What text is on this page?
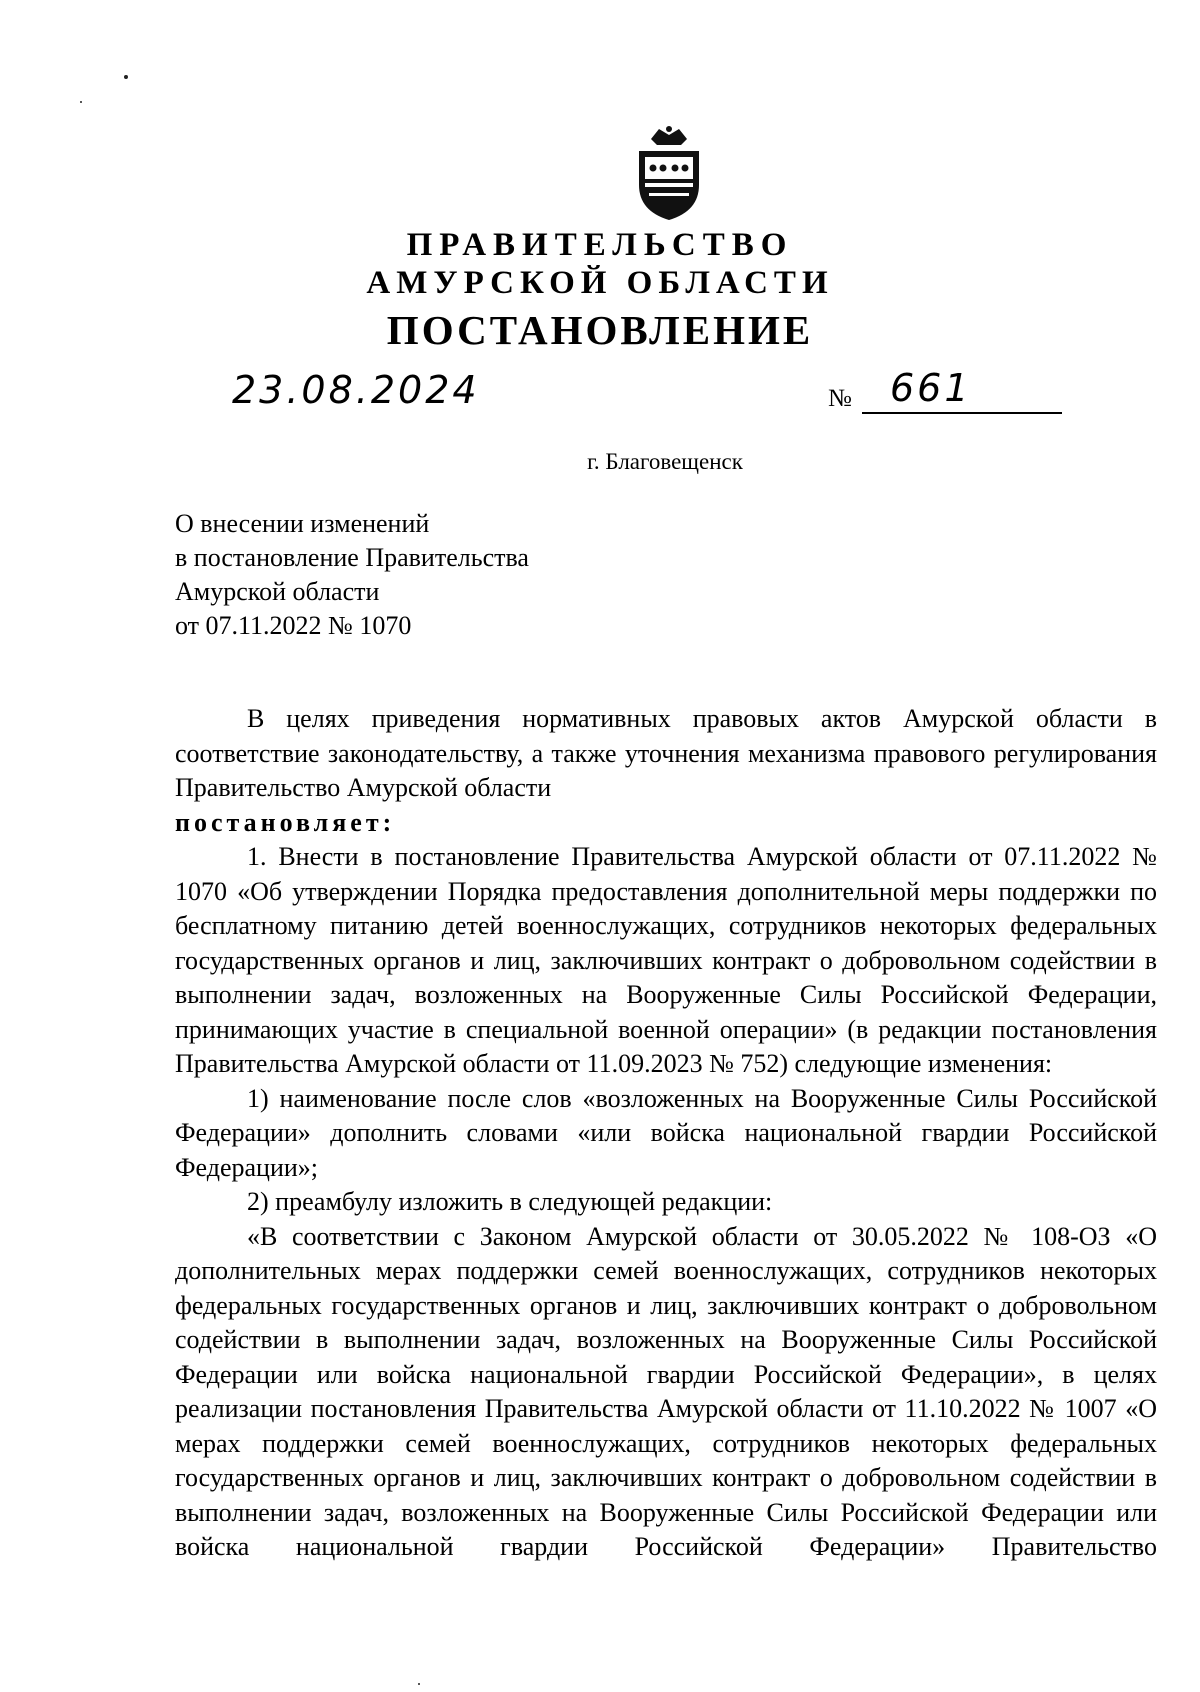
ПРАВИТЕЛЬСТВО
АМУРСКОЙ ОБЛАСТИ
ПОСТАНОВЛЕНИЕ
23.08.2024	№ 661
г. Благовещенск
О внесении изменений
в постановление Правительства
Амурской области
от 07.11.2022 № 1070

В целях приведения нормативных правовых актов Амурской области в соответствие законодательству, а также уточнения механизма правового регулирования Правительство Амурской области

постановляет:

1. Внести в постановление Правительства Амурской области от 07.11.2022 № 1070 «Об утверждении Порядка предоставления дополнительной меры поддержки по бесплатному питанию детей военнослужащих, сотрудников некоторых федеральных государственных органов и лиц, заключивших контракт о добровольном содействии в выполнении задач, возложенных на Вооруженные Силы Российской Федерации, принимающих участие в специальной военной операции» (в редакции постановления Правительства Амурской области от 11.09.2023 № 752) следующие изменения:

1) наименование после слов «возложенных на Вооруженные Силы Российской Федерации» дополнить словами «или войска национальной гвардии Российской Федерации»;

2) преамбулу изложить в следующей редакции:

«В соответствии с Законом Амурской области от 30.05.2022 № 108-ОЗ «О дополнительных мерах поддержки семей военнослужащих, сотрудников некоторых федеральных государственных органов и лиц, заключивших контракт о добровольном содействии в выполнении задач, возложенных на Вооруженные Силы Российской Федерации или войска национальной гвардии Российской Федерации», в целях реализации постановления Правительства Амурской области от 11.10.2022 № 1007 «О мерах поддержки семей военнослужащих, сотрудников некоторых федеральных государственных органов и лиц, заключивших контракт о добровольном содействии в выполнении задач, возложенных на Вооруженные Силы Российской Федерации или войска национальной гвардии Российской Федерации» Правительство
